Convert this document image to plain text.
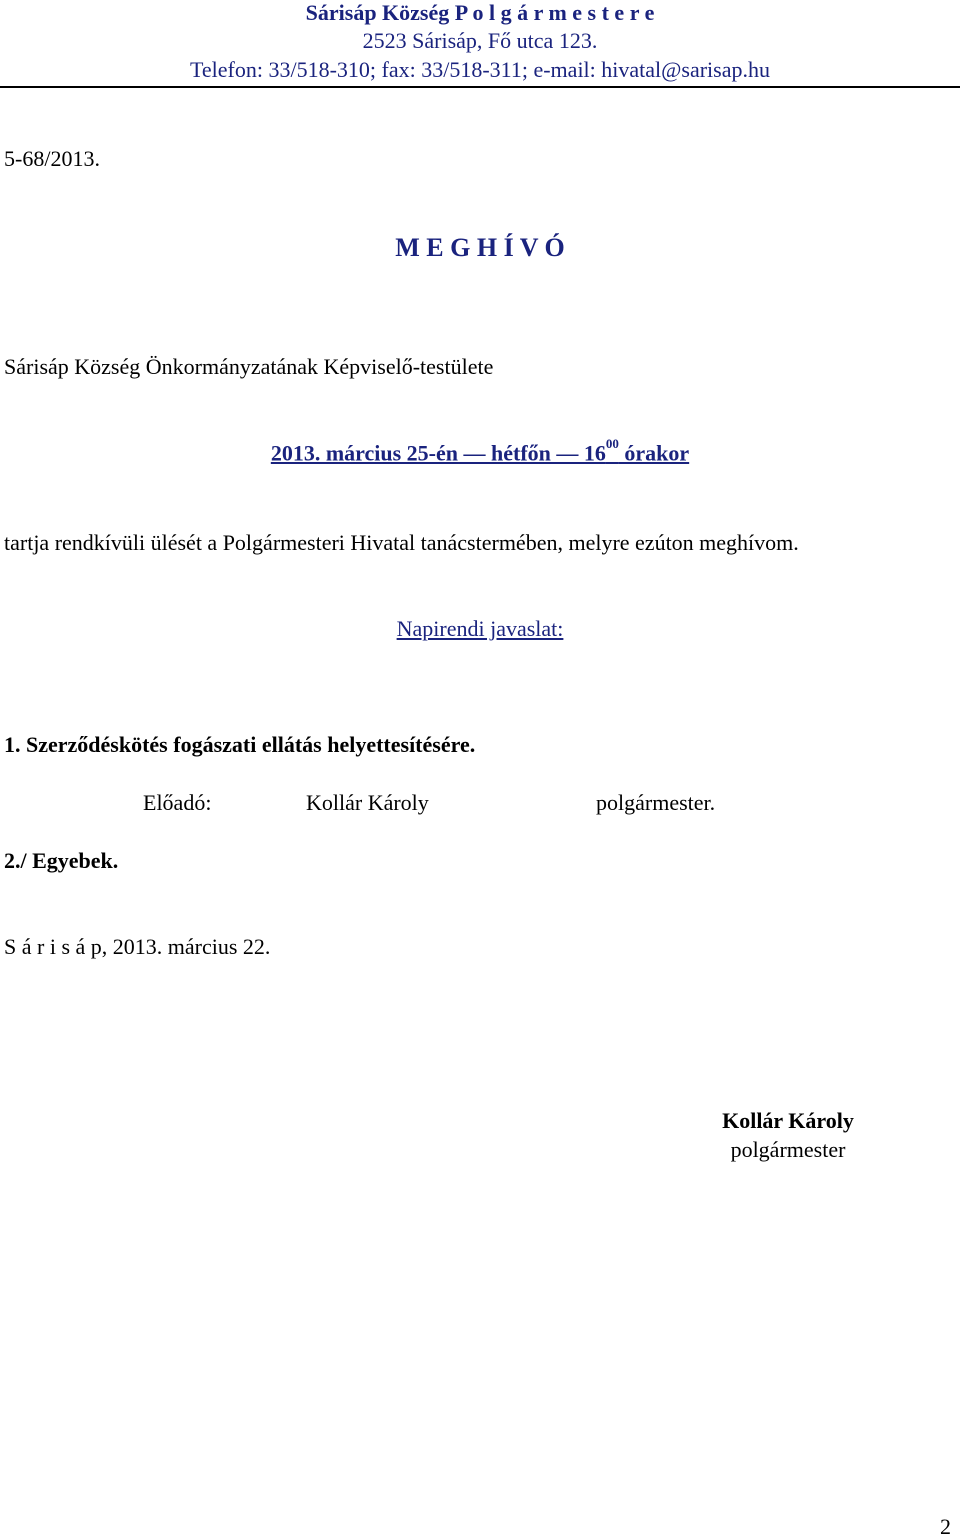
Sárisáp Község P o l g á r m e s t e r e
2523 Sárisáp, Fő utca 123.
Telefon: 33/518-310; fax: 33/518-311; e-mail: hivatal@sarisap.hu
5-68/2013.
M E G H Í V Ó
Sárisáp Község Önkormányzatának Képviselő-testülete
2013. március 25-én — hétfőn — $16^{00}$ órakor
tartja rendkívüli ülését a Polgármesteri Hivatal tanácstermében, melyre ezúton meghívom.
Napirendi javaslat:
1. Szerződéskötés fogászati ellátás helyettesítésére.
Előadó:	Kollár Károly	polgármester.
2./ Egyebek.
S á r i s á p, 2013. március 22.
Kollár Károly
polgármester
2
